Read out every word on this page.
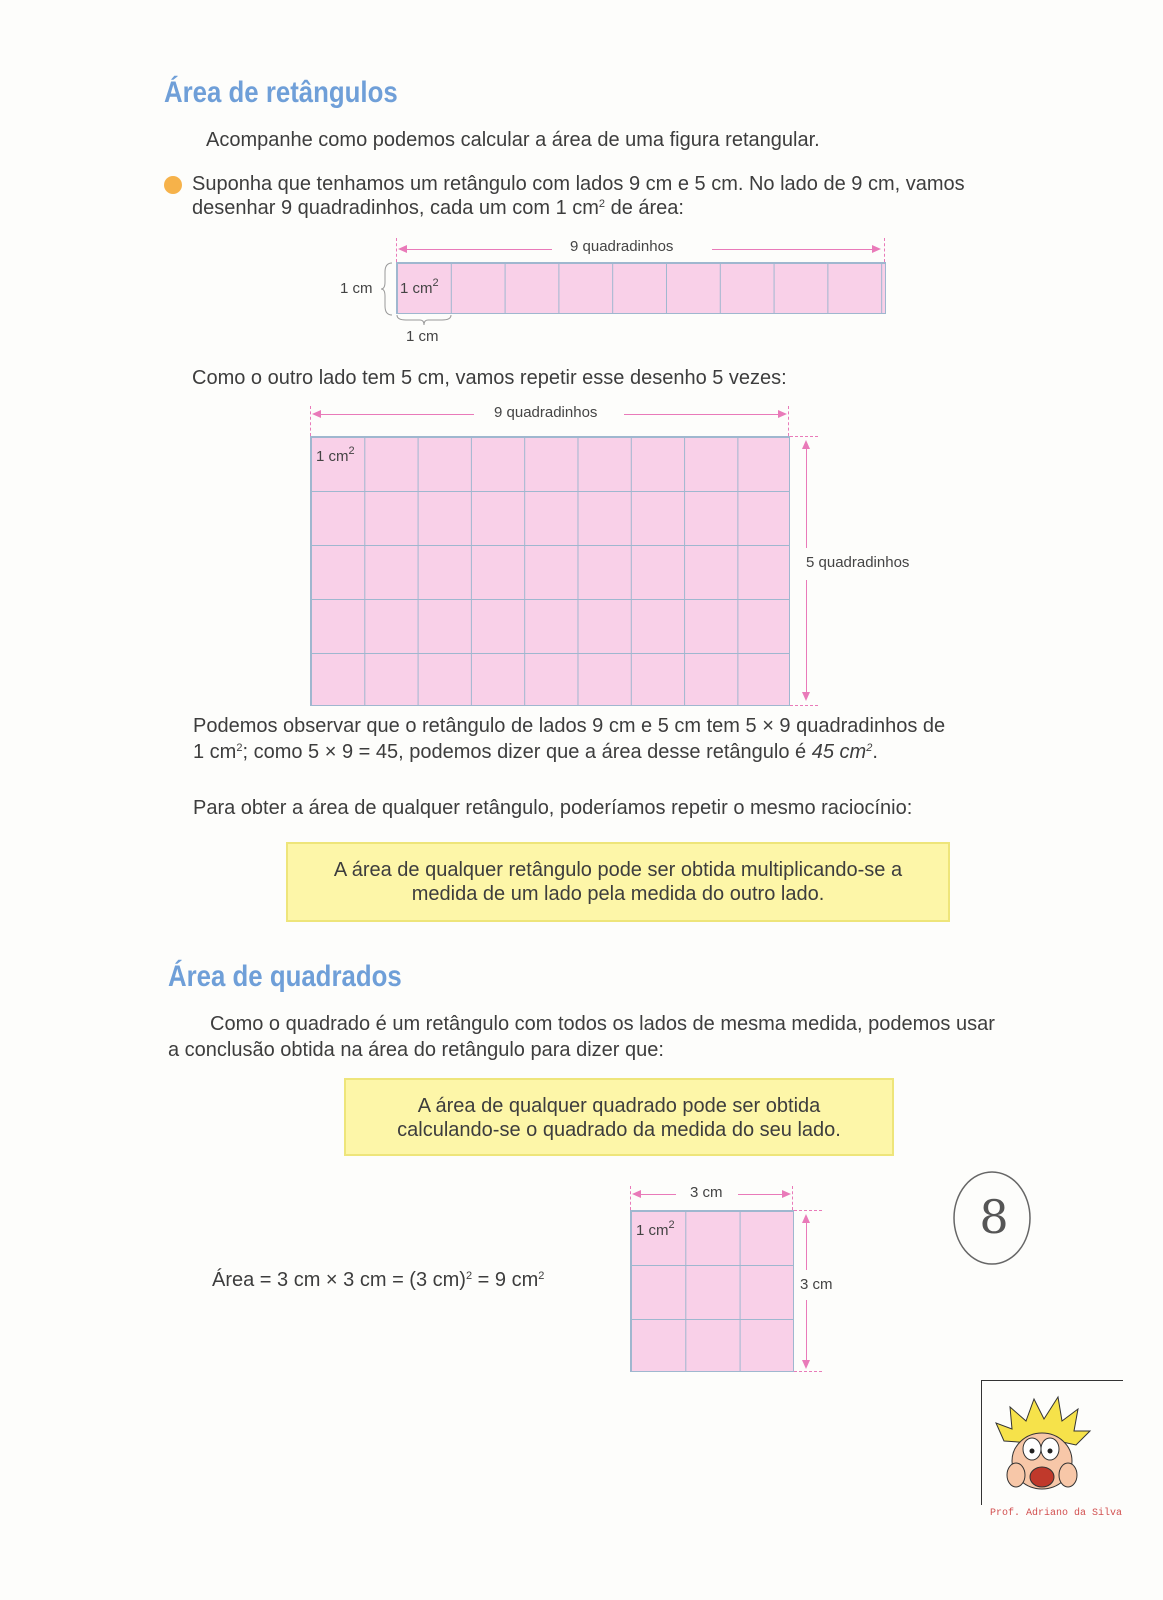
Área de retângulos
Acompanhe como podemos calcular a área de uma figura retangular.
Suponha que tenhamos um retângulo com lados 9 cm e 5 cm. No lado de 9 cm, vamos
desenhar 9 quadradinhos, cada um com 1 $cm^2$ de área:
9 quadradinhos
1 $cm^2$
1 cm
1 cm
Como o outro lado tem 5 cm, vamos repetir esse desenho 5 vezes:
9 quadradinhos
1 $cm^2$
5 quadradinhos
Podemos observar que o retângulo de lados 9 cm e 5 cm tem 5 × 9 quadradinhos de
1 $cm^2$; como 5 × 9 = 45, podemos dizer que a área desse retângulo é 45 $cm^2$.
Para obter a área de qualquer retângulo, poderíamos repetir o mesmo raciocínio:
A área de qualquer retângulo pode ser obtida multiplicando-se a
medida de um lado pela medida do outro lado.
Área de quadrados
Como o quadrado é um retângulo com todos os lados de mesma medida, podemos usar
a conclusão obtida na área do retângulo para dizer que:
A área de qualquer quadrado pode ser obtida
calculando-se o quadrado da medida do seu lado.
Área = 3 cm × 3 cm = (3 cm)$^2$ = 9 $cm^2$
3 cm
1 $cm^2$
3 cm
8
Prof. Adriano da Silva
